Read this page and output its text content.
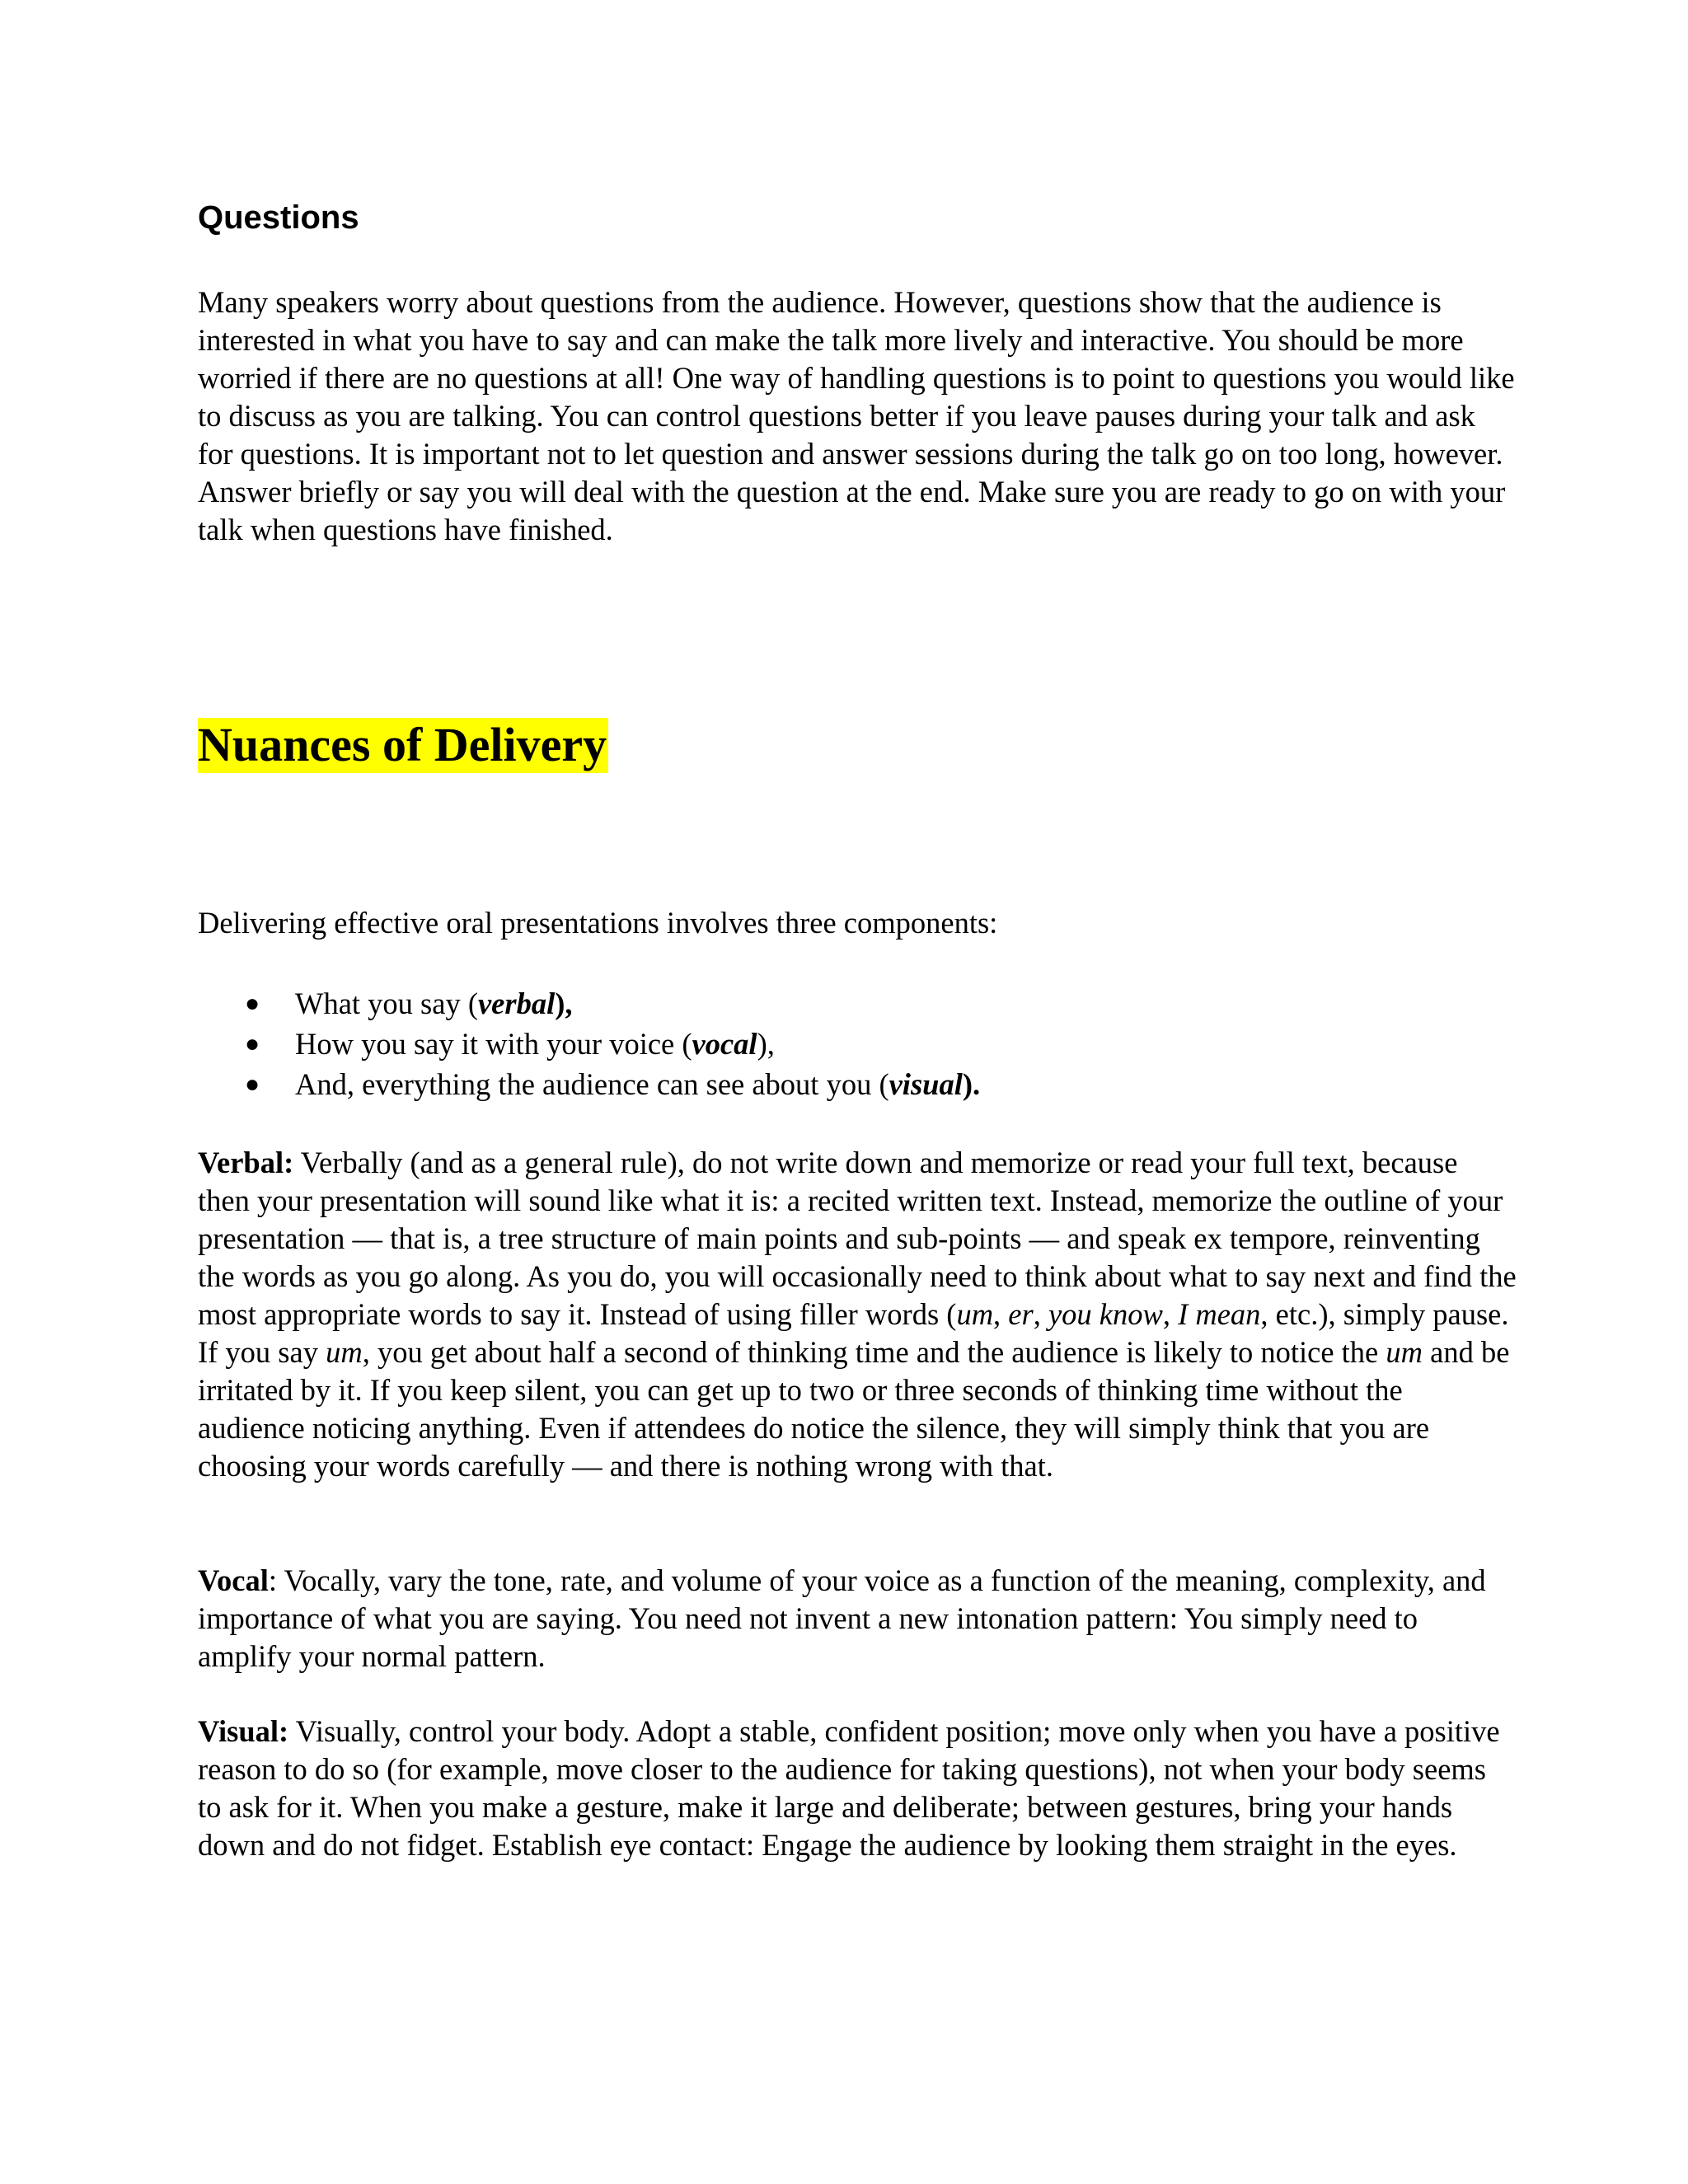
Questions

Many speakers worry about questions from the audience. However, questions show that the audience is interested in what you have to say and can make the talk more lively and interactive. You should be more worried if there are no questions at all! One way of handling questions is to point to questions you would like to discuss as you are talking. You can control questions better if you leave pauses during your talk and ask for questions. It is important not to let question and answer sessions during the talk go on too long, however. Answer briefly or say you will deal with the question at the end. Make sure you are ready to go on with your talk when questions have finished.

Nuances of Delivery

Delivering effective oral presentations involves three components:

● What you say (verbal),
● How you say it with your voice (vocal),
● And, everything the audience can see about you (visual).

Verbal: Verbally (and as a general rule), do not write down and memorize or read your full text, because then your presentation will sound like what it is: a recited written text. Instead, memorize the outline of your presentation — that is, a tree structure of main points and sub-points — and speak ex tempore, reinventing the words as you go along. As you do, you will occasionally need to think about what to say next and find the most appropriate words to say it. Instead of using filler words (um, er, you know, I mean, etc.), simply pause. If you say um, you get about half a second of thinking time and the audience is likely to notice the um and be irritated by it. If you keep silent, you can get up to two or three seconds of thinking time without the audience noticing anything. Even if attendees do notice the silence, they will simply think that you are choosing your words carefully — and there is nothing wrong with that.

Vocal: Vocally, vary the tone, rate, and volume of your voice as a function of the meaning, complexity, and importance of what you are saying. You need not invent a new intonation pattern: You simply need to amplify your normal pattern.

Visual: Visually, control your body. Adopt a stable, confident position; move only when you have a positive reason to do so (for example, move closer to the audience for taking questions), not when your body seems to ask for it. When you make a gesture, make it large and deliberate; between gestures, bring your hands down and do not fidget. Establish eye contact: Engage the audience by looking them straight in the eyes.
